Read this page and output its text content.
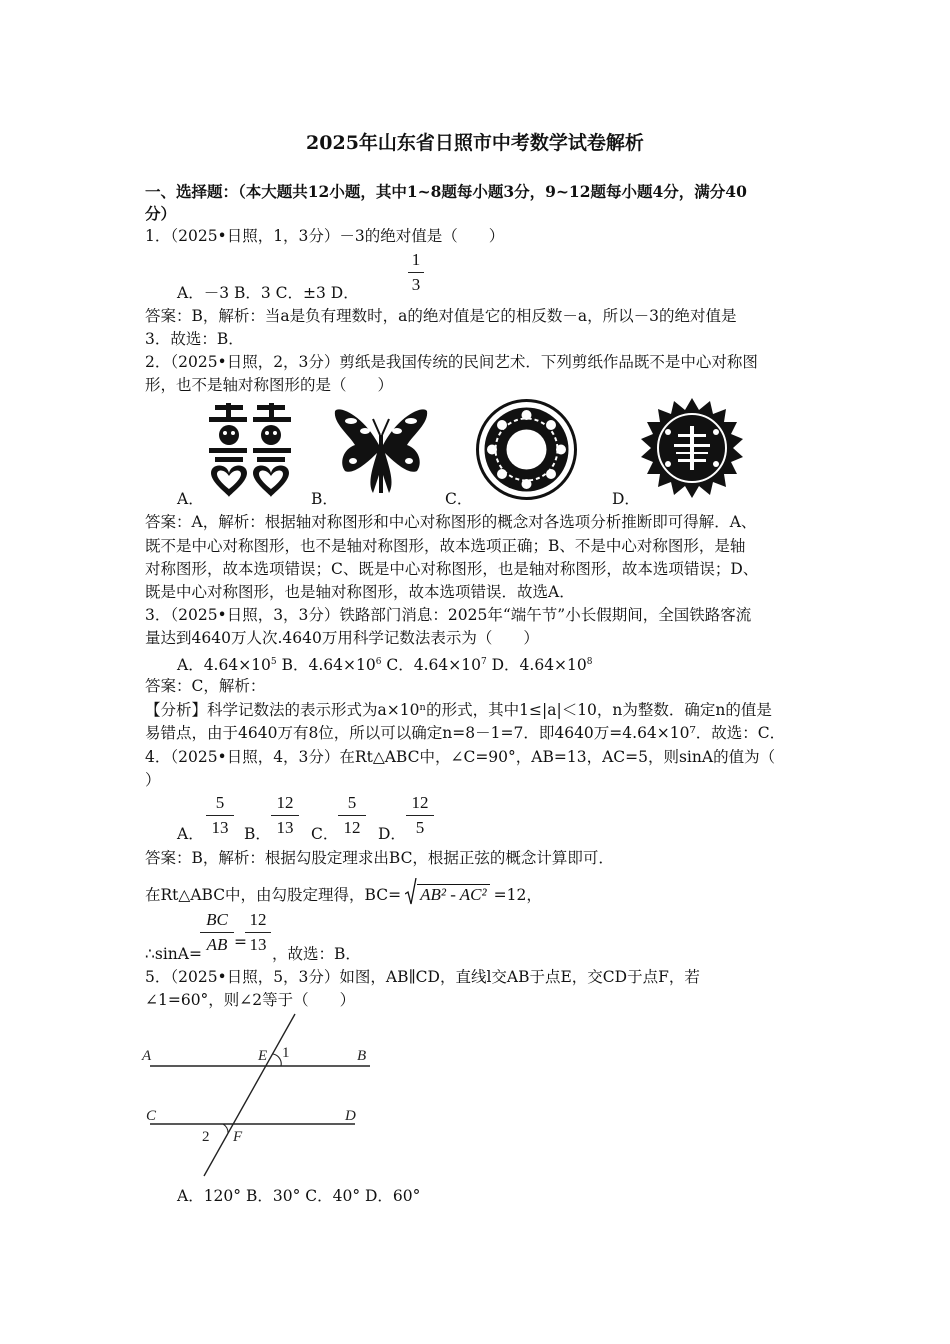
2025年山东省日照市中考数学试卷解析
一、选择题：（本大题共12小题，其中1~8题每小题3分，9~12题每小题4分，满分40
分）
1．（2025•日照，1，3分）－3的绝对值是（　　）
A．－3 B．3 C．±3 D．
1
3
答案：B，解析：当a是负有理数时，a的绝对值是它的相反数－a，所以－3的绝对值是
3．故选：B．
2．（2025•日照，2，3分）剪纸是我国传统的民间艺术．下列剪纸作品既不是中心对称图
形，也不是轴对称图形的是（　　）
A．	B．	C．	D．
答案：A，解析：根据轴对称图形和中心对称图形的概念对各选项分析推断即可得解．A、
既不是中心对称图形，也不是轴对称图形，故本选项正确；B、不是中心对称图形，是轴
对称图形，故本选项错误；C、既是中心对称图形，也是轴对称图形，故本选项错误；D、
既是中心对称图形，也是轴对称图形，故本选项错误．故选A．
3．（2025•日照，3，3分）铁路部门消息：2025年“端午节”小长假期间，全国铁路客流
量达到4640万人次.4640万用科学记数法表示为（　　）
A．$4.64\times 10^5$ B．$4.64\times 10^6$ C．$4.64\times 10^7$ D．$4.64\times 10^8$
答案：C，解析：
【分析】科学记数法的表示形式为a×10ⁿ的形式，其中1≤|a|＜10，n为整数．确定n的值是
易错点，由于4640万有8位，所以可以确定n=8－1=7．即4640万=4.64×10⁷．故选：C．
4．（2025•日照，4，3分）在Rt△ABC中，∠C=90°，AB=13，AC=5，则sinA的值为（
）
A．
5
13	B．
12
13	C．
5
12	D．
12
5
答案：B，解析：根据勾股定理求出BC，根据正弦的概念计算即可．
在Rt△ABC中，由勾股定理得，BC= AB² - AC² =12，
BC
AB =
12
13
∴sinA=	，故选：B．
5．（2025•日照，5，3分）如图，AB∥CD，直线l交AB于点E，交CD于点F，若
∠1=60°，则∠2等于（　　）
A	B
C	D
E
F
1
2
A．120° B．30° C．40° D．60°
